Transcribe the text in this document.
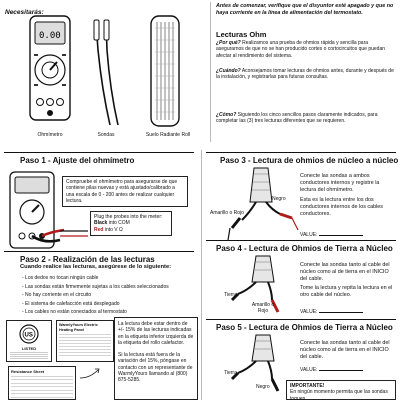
Necesitarás:
0.00
Ohmímetro	Sondas	Suelo Radiante Roll
Antes de comenzar, verifique que el disyuntor esté apagado y que no haya corriente en la línea de alimentación del termostato.
Lecturas Ohm
¿Por qué? Realizamos una prueba de ohmios rápida y sencilla para asegurarnos de que no se han producido cortes o cortocircuitos que puedan afectar al rendimiento del sistema.
¿Cuándo? Aconsejamos tomar lecturas de ohmios antes, durante y después de la instalación, y registrarlas para futuras consultas.
¿Cómo? Siguiendo los cinco sencillos pasos claramente indicados, para completar las (3) tres lecturas diferentes que se requieren.
Paso 1 - Ajuste del ohmímetro
Compruebe el ohmímetro para asegurarse de que contiene pilas nuevas y está ajustado/calibrado a una escala de 0 - 200 antes de realizar cualquier lectura.
Plug the probes into the meter:
Black into COM
Red into V Ω
Paso 2 - Realización de las lecturas
Cuando realice las lecturas, asegúrese de lo siguiente:
- Los dedos no tocan ningún cable
- Las sondas están firmemente sujetas a los cables seleccionados
- No hay corriente en el circuito
- El sistema de calefacción está desplegado
- Los cables no están conectados al termostato
US
LISTED
WarmlyYours Electric Heating Panel
Resistance Sheet
La lectura debe estar dentro de +/- 15% de las lecturas indicadas en la etiqueta inferior izquierda de la etiqueta del rollo calefactor.
Si la lectura está fuera de la variación del 15%, póngase en contacto con un representante de WarmlyYours llamando al (800) 875-5285.
Paso 3 - Lectura de ohmios de núcleo a núcleo
Negro
Amarillo o Rojo
Conecte las sondas a ambos conductores internos y registre la lectura del ohmímetro.
Esta es la lectura entre los dos conductores internos de los cables conductores.
VALUE:
Paso 4 - Lectura de Ohmios de Tierra a Núcleo
Tierra
Amarillo o Rojo
Conecte las sondas tanto al cable del núcleo como al de tierra en el INICIO del cable.
Tome la lectura y repita la lectura en el otro cable del núcleo.
VALUE:
Paso 5 - Lectura de Ohmios de Tierra a Núcleo
Tierra
Negro
Conecte las sondas tanto al cable del núcleo como al de tierra en el INICIO del cable.
VALUE:
IMPORTANTE!
En ningún momento permita que las sondas toquen
